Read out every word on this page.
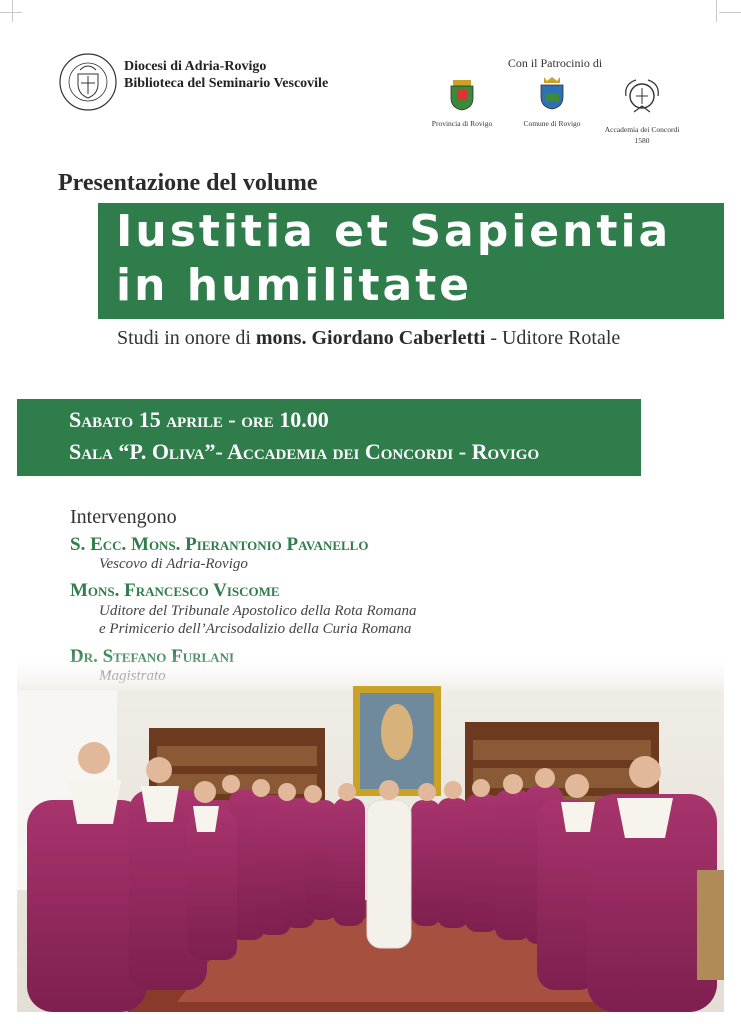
Diocesi di Adria-Rovigo
Biblioteca del Seminario Vescovile
Con il Patrocinio di
Provincia di Rovigo	Comune di Rovigo
Accademia dei Concordi
1580
Presentazione del volume
Iustitia et Sapientia
in humilitate
Studi in onore di mons. Giordano Caberletti - Uditore Rotale
Sabato 15 aprile - ore 10.00
Sala “P. Oliva”- Accademia dei Concordi - Rovigo
Intervengono
S. Ecc. Mons. Pierantonio Pavanello
Vescovo di Adria-Rovigo
Mons. Francesco Viscome
Uditore del Tribunale Apostolico della Rota Romana
e Primicerio dell’Arcisodalizio della Curia Romana
